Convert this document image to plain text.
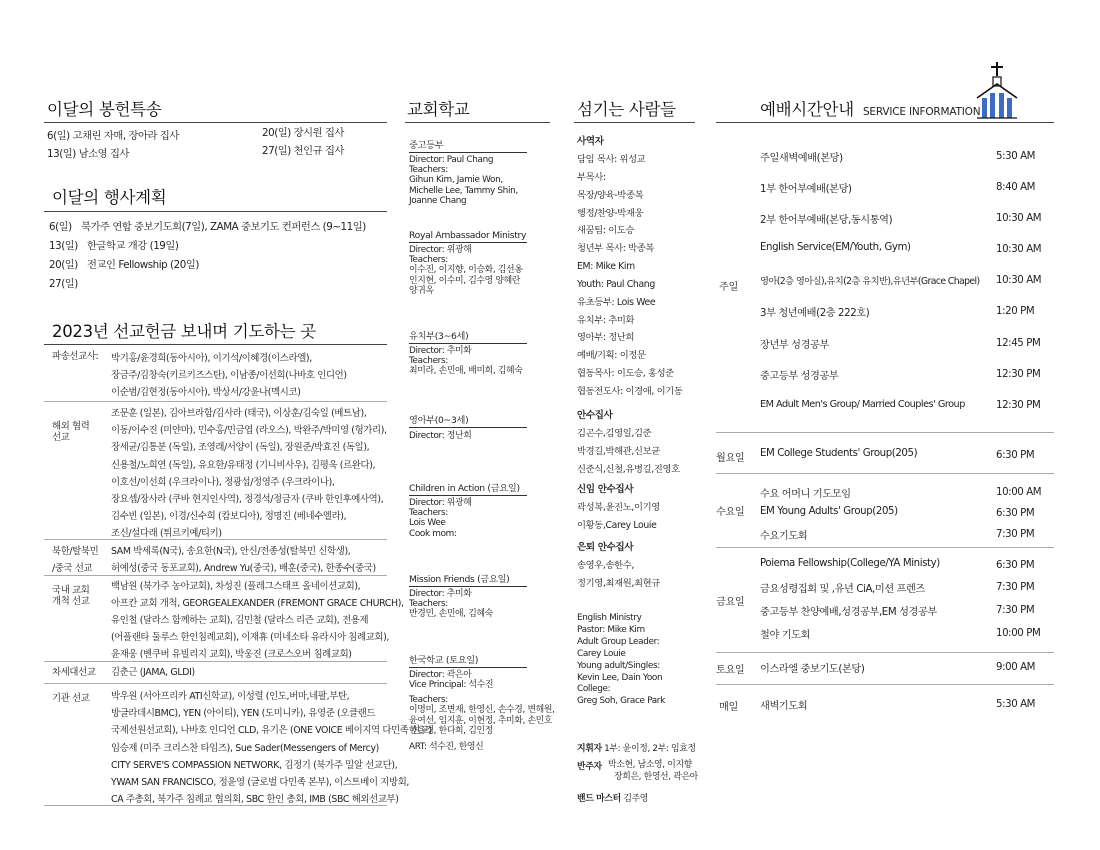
이달의 봉헌특송
6(일) 고채린 자매, 장아라 집사
13(일) 남소영 집사
20(일) 장시원 집사
27(일) 천인규 집사
이달의 행사계획
6(일) 북가주 연합 중보기도회(7일), ZAMA 중보기도 컨퍼런스 (9~11일)
13(일) 한글학교 개강 (19일)
20(일) 전교인 Fellowship (20일)
27(일)
2023년 선교헌금 보내며 기도하는 곳
파송선교사: 박기홍/윤경희(동아시아), 이기석/이혜경(이스라엘),
장금주/김창숙(키르키즈스탄), 이남종/이선희(나바호 인디언)
이순범/김현정(동아시아), 박상서/강윤나(멕시코)
해외 협력
선교
조문훈 (일본), 김아브라함/김사라 (태국), 이상훈/김숙일 (베트남),
이동/이수진 (미얀마), 민수홍/민금엽 (라오스), 박완주/박미영 (헝가리),
장세균/김통분 (독일), 조영래/서양이 (독일), 장원준/박효진 (독일),
신용철/노희연 (독일), 유요한/유태정 (기니비사우), 김평욱 (르완다),
이호선/이선희 (우크라이나), 정광섭/정영주 (우크라이나),
장요셉/장사라 (쿠바 현지인사역), 정경석/정금자 (쿠바 한인후예사역),
김수빈 (일본), 이경/신수희 (캄보디아), 정명진 (베네수엘라),
조신/설다래 (튀르키예/티키)
북한/탈북민
/중국 선교
SAM 박세록(N국), 송요한(N국), 안신/전종성(탈북민 신학생),
허예성(중국 동포교회), Andrew Yu(중국), 배훈(중국), 한종수(중국)
국내 교회
개척 선교
백남원 (북가주 농아교회), 차성진 (플레그스태프 올네이션교회),
아프칸 교회 개척, GEORGEALEXANDER (FREMONT GRACE CHURCH),
유인철 (달라스 함께하는 교회), 김민철 (달라스 리즌 교회), 전용제
(어플랜타 둘루스 한인침례교회), 이재휴 (미네소타 유라시아 침례교회),
윤재웅 (벤쿠버 유빌리지 교회), 박웅진 (크로스오버 침례교회)
차세대선교 김춘근 (JAMA, GLDI)
기관 선교 박우원 (서아프리카 ATI신학교), 이성렬 (인도,버마,네팔,부탄,
방글라데시BMC), YEN (아이티), YEN (도미니카), 유영준 (오클랜드
국제선원선교회), 나바호 인디언 CLD, 유기은 (ONE VOICE 베이지역 다민족 선교)
임승제 (미주 크리스찬 타임즈), Sue Sader(Messengers of Mercy)
CITY SERVE'S COMPASSION NETWORK, 김정기 (북가주 밀알 선교단),
YWAM SAN FRANCISCO, 정윤영 (글로벌 다민족 본부), 이스트베이 지방회,
CA 주총회, 북가주 침례교 협의회, SBC 한인 총회, IMB (SBC 해외선교부)
교회학교
중고등부
Director: Paul Chang
Teachers:
Gihun Kim, Jamie Won,
Michelle Lee, Tammy Shin,
Joanne Chang
Royal Ambassador Ministry
Director: 위광해
Teachers:
이수진, 이지향, 이승화, 김선옹
인지현, 이수미, 김수영 양혜란
양귀옥
유치부(3~6세)
Director: 추미화
Teachers:
최미라, 손민애, 배미희, 김혜숙
영아부(0~3세)
Director: 정난희
Children in Action (금요일)
Director: 위광혜
Teachers:
Lois Wee
Cook mom:
Mission Friends (금요일)
Director: 추미화
Teachers:
반경민, 손민애, 김혜숙
한국학교 (토요일)
Director: 곽은아
Vice Principal: 석수진
Teachers:
이명미, 조변재, 한영신, 손수경, 변해원,
윤여선, 임지훈, 이현정, 추미화, 손민호
한은경, 한다희, 김인정
ART: 석수진, 한영신
섬기는 사람들
사역자
담임 목사: 위성교
부목사:
목장/양육-박종복
행정/찬양-박재웅
새꿈팀: 이도승
청년부 목사: 박종복
EM: Mike Kim
Youth: Paul Chang
유초등부: Lois Wee
유치부: 추미화
영아부: 정난희
예배/기획: 이정문
협동목사: 이도승, 홍성준
협동전도사: 이경애, 이기동
안수집사
김곤수,김영일,김준
박경길,박해관,신보균
신준식,신철,유병길,진영호
신임 안수집사
곽성복,윤진노,이기영
이황동,Carey Louie
은퇴 안수집사
송영우,송한수,
정기영,최재원,최현규
English Ministry
Pastor: Mike Kim
Adult Group Leader:
Carey Louie
Young adult/Singles:
Kevin Lee, Dain Yoon
College:
Greg Soh, Grace Park
지휘자 1부: 윤이정, 2부: 임효정
반주자 박소현, 남소영, 이지향
장희은, 한영선, 곽은아
밴드 마스터 김주영
예배시간안내 SERVICE INFORMATION
주일
주일새벽예배(본당)	5:30 AM
1부 한어부예배(본당)	8:40 AM
2부 한어부예배(본당,동시통역)	10:30 AM
English Service(EM/Youth, Gym)	10:30 AM
영아(2층 영아실),유치(2층 유치반),유년부(Grace Chapel) 10:30 AM
3부 청년예배(2층 222호)	1:20 PM
장년부 성경공부	12:45 PM
중고등부 성경공부	12:30 PM
EM Adult Men's Group/ Married Couples' Group	12:30 PM
월요일 EM College Students' Group(205)	6:30 PM
수요일
수요 어머니 기도모임	10:00 AM
EM Young Adults' Group(205)	6:30 PM
수요기도회	7:30 PM
금요일
Poiema Fellowship(College/YA Ministy)	6:30 PM
금요성령집회 및 ,유년 CiA,미션 프렌즈	7:30 PM
중고등부 찬양예배,성경공부,EM 성경공부	7:30 PM
철야 기도회	10:00 PM
토요일 이스라엘 중보기도(본당)	9:00 AM
매일 새벽기도회	5:30 AM
